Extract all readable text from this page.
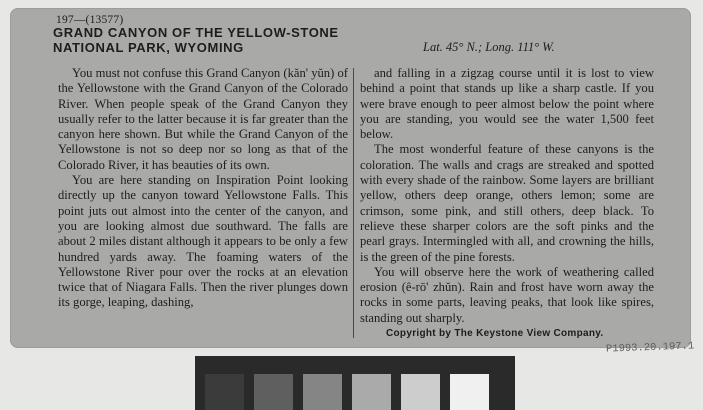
197—(13577)
GRAND CANYON OF THE YELLOW-STONE NATIONAL PARK, WYOMING	Lat. 45° N.; Long. 111° W.

You must not confuse this Grand Canyon (kăn' yŭn) of the Yellowstone with the Grand Canyon of the Colorado River. When people speak of the Grand Canyon they usually refer to the latter because it is far greater than the canyon here shown. But while the Grand Canyon of the Yellowstone is not so deep nor so long as that of the Colorado River, it has beauties of its own.

You are here standing on Inspiration Point looking directly up the canyon toward Yellowstone Falls. This point juts out almost into the center of the canyon, and you are looking almost due southward. The falls are about 2 miles distant although it appears to be only a few hundred yards away. The foaming waters of the Yellowstone River pour over the rocks at an elevation twice that of Niagara Falls. Then the river plunges down its gorge, leaping, dashing,

and falling in a zigzag course until it is lost to view behind a point that stands up like a sharp castle. If you were brave enough to peer almost below the point where you are standing, you would see the water 1,500 feet below.

The most wonderful feature of these canyons is the coloration. The walls and crags are streaked and spotted with every shade of the rainbow. Some layers are brilliant yellow, others deep orange, others lemon; some are crimson, some pink, and still others, deep black. To relieve these sharper colors are the soft pinks and the pearl grays. Intermingled with all, and crowning the hills, is the green of the pine forests.

You will observe here the work of weathering called erosion (ê-rō' zhŭn). Rain and frost have worn away the rocks in some parts, leaving peaks, that look like spires, standing out sharply.

Copyright by The Keystone View Company.
P1993.20.197.1
